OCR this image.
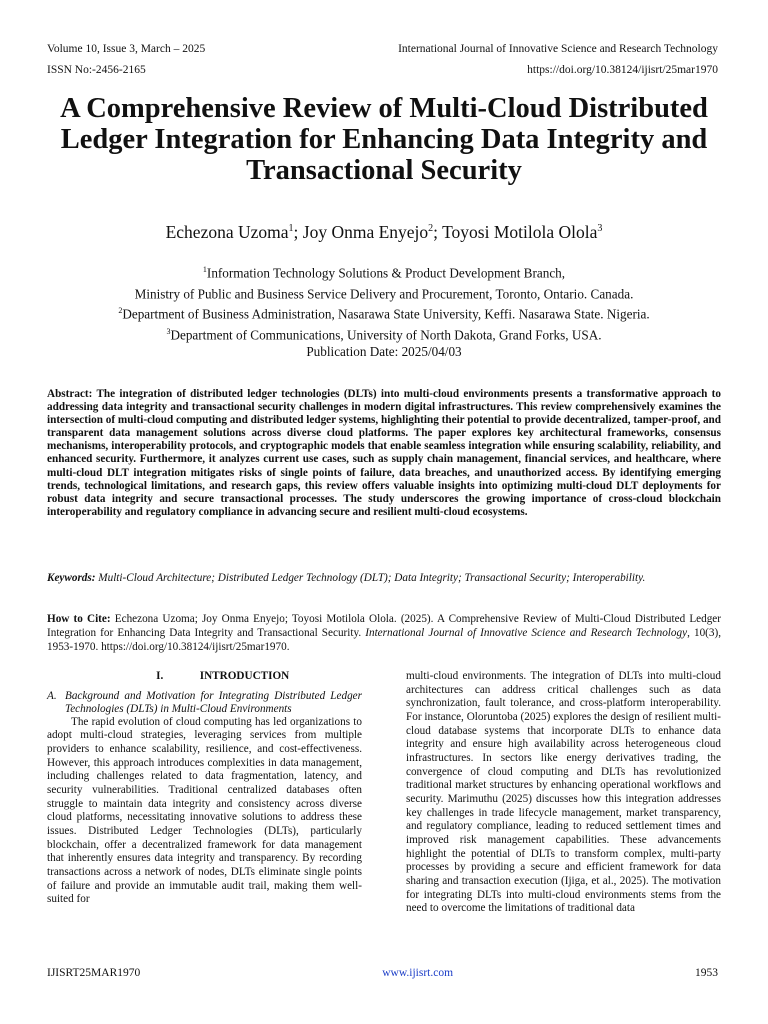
Volume 10, Issue 3, March – 2025	International Journal of Innovative Science and Research Technology
ISSN No:-2456-2165	https://doi.org/10.38124/ijisrt/25mar1970
A Comprehensive Review of Multi-Cloud Distributed Ledger Integration for Enhancing Data Integrity and Transactional Security
Echezona Uzoma$^1$; Joy Onma Enyejo$^2$; Toyosi Motilola Olola$^3$
$^1$Information Technology Solutions & Product Development Branch,
Ministry of Public and Business Service Delivery and Procurement, Toronto, Ontario. Canada.
$^2$Department of Business Administration, Nasarawa State University, Keffi. Nasarawa State. Nigeria.
$^3$Department of Communications, University of North Dakota, Grand Forks, USA.
Publication Date: 2025/04/03
Abstract: The integration of distributed ledger technologies (DLTs) into multi-cloud environments presents a transformative approach to addressing data integrity and transactional security challenges in modern digital infrastructures. This review comprehensively examines the intersection of multi-cloud computing and distributed ledger systems, highlighting their potential to provide decentralized, tamper-proof, and transparent data management solutions across diverse cloud platforms. The paper explores key architectural frameworks, consensus mechanisms, interoperability protocols, and cryptographic models that enable seamless integration while ensuring scalability, reliability, and enhanced security. Furthermore, it analyzes current use cases, such as supply chain management, financial services, and healthcare, where multi-cloud DLT integration mitigates risks of single points of failure, data breaches, and unauthorized access. By identifying emerging trends, technological limitations, and research gaps, this review offers valuable insights into optimizing multi-cloud DLT deployments for robust data integrity and secure transactional processes. The study underscores the growing importance of cross-cloud blockchain interoperability and regulatory compliance in advancing secure and resilient multi-cloud ecosystems.
Keywords: Multi-Cloud Architecture; Distributed Ledger Technology (DLT); Data Integrity; Transactional Security; Interoperability.
How to Cite: Echezona Uzoma; Joy Onma Enyejo; Toyosi Motilola Olola. (2025). A Comprehensive Review of Multi-Cloud Distributed Ledger Integration for Enhancing Data Integrity and Transactional Security. International Journal of Innovative Science and Research Technology, 10(3), 1953-1970. https://doi.org/10.38124/ijisrt/25mar1970.
I.	INTRODUCTION
A. Background and Motivation for Integrating Distributed Ledger Technologies (DLTs) in Multi-Cloud Environments

The rapid evolution of cloud computing has led organizations to adopt multi-cloud strategies, leveraging services from multiple providers to enhance scalability, resilience, and cost-effectiveness. However, this approach introduces complexities in data management, including challenges related to data fragmentation, latency, and security vulnerabilities. Traditional centralized databases often struggle to maintain data integrity and consistency across diverse cloud platforms, necessitating innovative solutions to address these issues. Distributed Ledger Technologies (DLTs), particularly blockchain, offer a decentralized framework for data management that inherently ensures data integrity and transparency. By recording transactions across a network of nodes, DLTs eliminate single points of failure and provide an immutable audit trail, making them well-suited for

multi-cloud environments. The integration of DLTs into multi-cloud architectures can address critical challenges such as data synchronization, fault tolerance, and cross-platform interoperability. For instance, Oloruntoba (2025) explores the design of resilient multi-cloud database systems that incorporate DLTs to enhance data integrity and ensure high availability across heterogeneous cloud infrastructures. In sectors like energy derivatives trading, the convergence of cloud computing and DLTs has revolutionized traditional market structures by enhancing operational workflows and security. Marimuthu (2025) discusses how this integration addresses key challenges in trade lifecycle management, market transparency, and regulatory compliance, leading to reduced settlement times and improved risk management capabilities. These advancements highlight the potential of DLTs to transform complex, multi-party processes by providing a secure and efficient framework for data sharing and transaction execution (Ijiga, et al., 2025). The motivation for integrating DLTs into multi-cloud environments stems from the need to overcome the limitations of traditional data

IJISRT25MAR1970	www.ijisrt.com	1953
